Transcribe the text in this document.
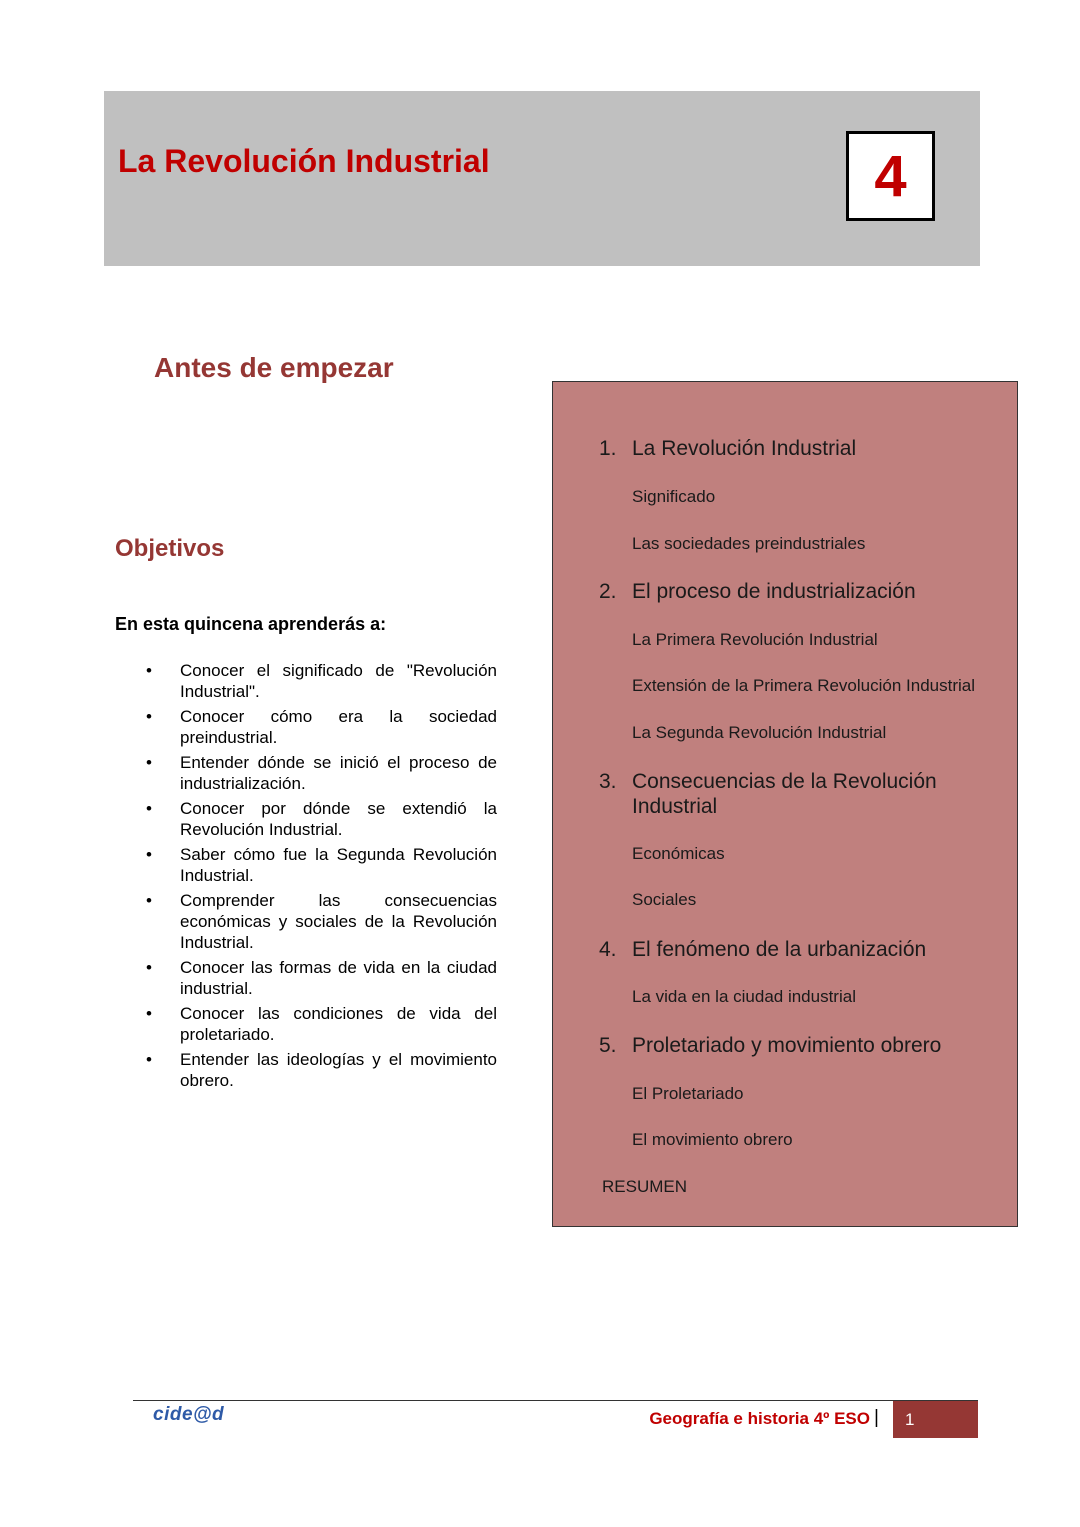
La Revolución Industrial	4
Antes de empezar
Objetivos

En esta quincena aprenderás a:

• Conocer el significado de "Revolución Industrial".
• Conocer cómo era la sociedad preindustrial.
• Entender dónde se inició el proceso de industrialización.
• Conocer por dónde se extendió la Revolución Industrial.
• Saber cómo fue la Segunda Revolución Industrial.
• Comprender las consecuencias económicas y sociales de la Revolución Industrial.
• Conocer las formas de vida en la ciudad industrial.
• Conocer las condiciones de vida del proletariado.
• Entender las ideologías y el movimiento obrero.
1. La Revolución Industrial
Significado
Las sociedades preindustriales
2. El proceso de industrialización
La Primera Revolución Industrial
Extensión de la Primera Revolución Industrial
La Segunda Revolución Industrial
3. Consecuencias de la Revolución Industrial
Económicas
Sociales
4. El fenómeno de la urbanización
La vida en la ciudad industrial
5. Proletariado y movimiento obrero
El Proletariado
El movimiento obrero
RESUMEN
cide@d	Geografía e historia 4º ESO |	1
